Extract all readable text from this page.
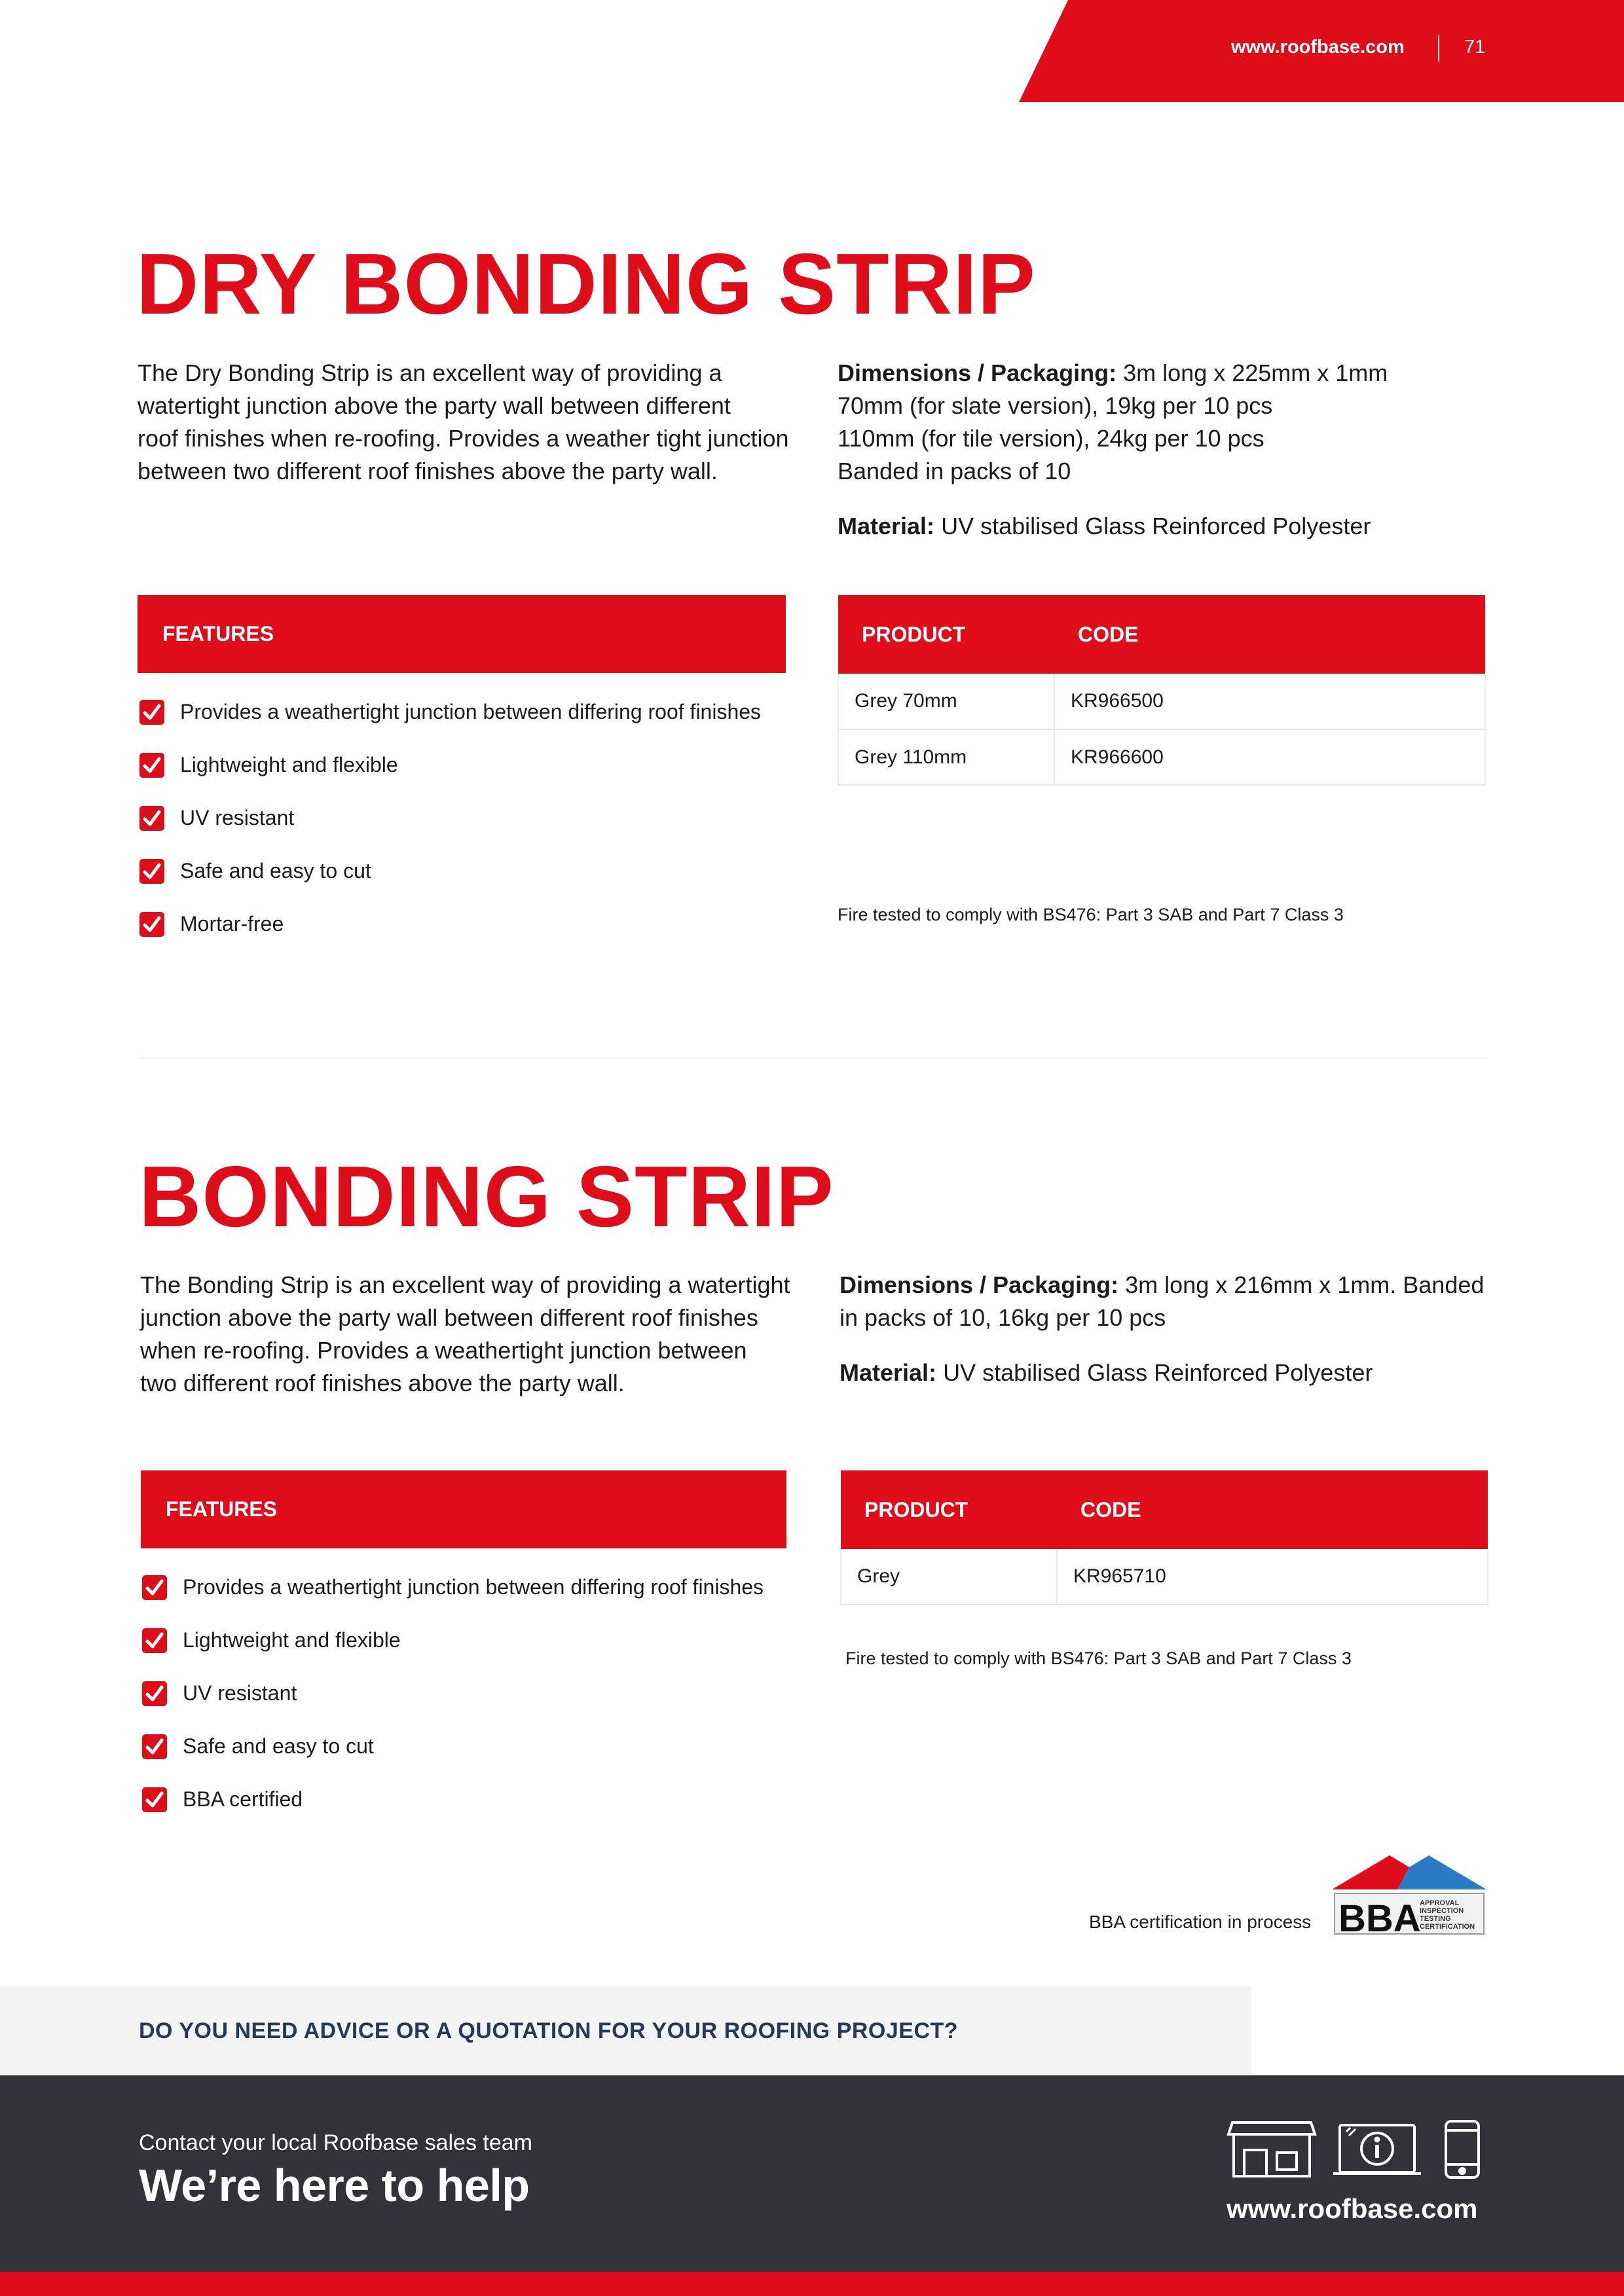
www.roofbase.com	71
DRY BONDING STRIP

The Dry Bonding Strip is an excellent way of providing a

watertight junction above the party wall between different

roof finishes when re-roofing. Provides a weather tight junction

between two different roof finishes above the party wall.

Dimensions / Packaging: 3m long x 225mm x 1mm

70mm (for slate version), 19kg per 10 pcs

110mm (for tile version), 24kg per 10 pcs

Banded in packs of 10

Material: UV stabilised Glass Reinforced Polyester

FEATURES
Provides a weathertight junction between differing roof finishes
Lightweight and flexible
UV resistant
Safe and easy to cut
Mortar-free
PRODUCT	CODE
Grey 70mm	KR966500
Grey 110mm	KR966600
Fire tested to comply with BS476: Part 3 SAB and Part 7 Class 3
BONDING STRIP

The Bonding Strip is an excellent way of providing a watertight

junction above the party wall between different roof finishes

when re-roofing. Provides a weathertight junction between

two different roof finishes above the party wall.

Dimensions / Packaging: 3m long x 216mm x 1mm. Banded

in packs of 10, 16kg per 10 pcs

Material: UV stabilised Glass Reinforced Polyester

FEATURES
Provides a weathertight junction between differing roof finishes
Lightweight and flexible
UV resistant
Safe and easy to cut
BBA certified
PRODUCT	CODE
Grey	KR965710
Fire tested to comply with BS476: Part 3 SAB and Part 7 Class 3
BBA certification in process BBA
APPROVAL
INSPECTION
TESTING
CERTIFICATION
DO YOU NEED ADVICE OR A QUOTATION FOR YOUR ROOFING PROJECT?
Contact your local Roofbase sales team
We’re here to help	www.roofbase.com
